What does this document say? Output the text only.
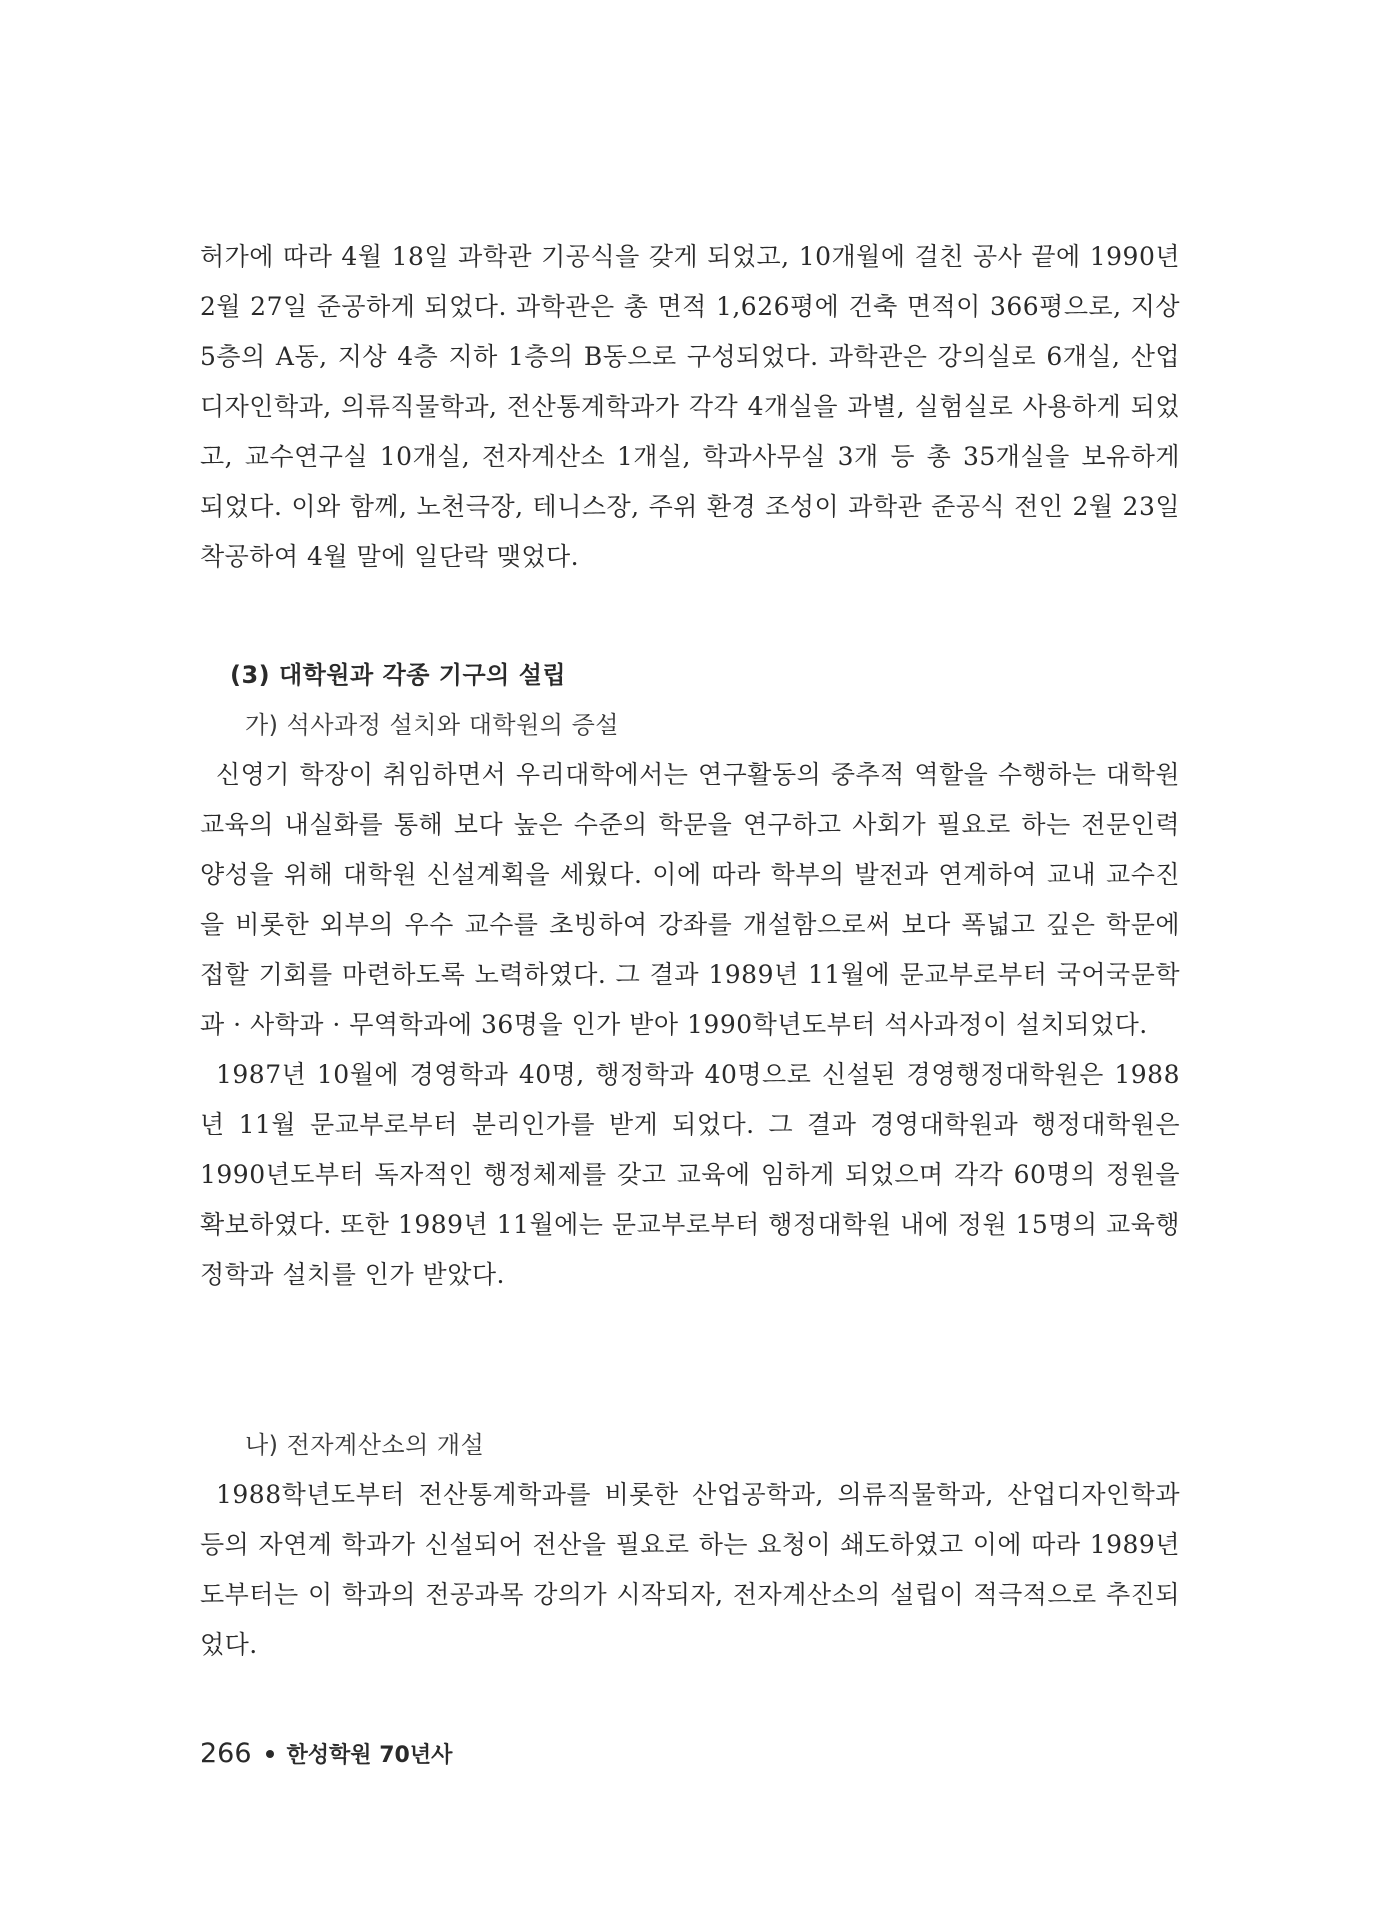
허가에 따라 4월 18일 과학관 기공식을 갖게 되었고, 10개월에 걸친 공사 끝에 1990년 2월 27일 준공하게 되었다. 과학관은 총 면적 1,626평에 건축 면적이 366평으로, 지상 5층의 A동, 지상 4층 지하 1층의 B동으로 구성되었다. 과학관은 강의실로 6개실, 산업디자인학과, 의류직물학과, 전산통계학과가 각각 4개실을 과별, 실험실로 사용하게 되었고, 교수연구실 10개실, 전자계산소 1개실, 학과사무실 3개 등 총 35개실을 보유하게 되었다. 이와 함께, 노천극장, 테니스장, 주위 환경 조성이 과학관 준공식 전인 2월 23일 착공하여 4월 말에 일단락 맺었다.

(3) 대학원과 각종 기구의 설립

가) 석사과정 설치와 대학원의 증설

신영기 학장이 취임하면서 우리대학에서는 연구활동의 중추적 역할을 수행하는 대학원 교육의 내실화를 통해 보다 높은 수준의 학문을 연구하고 사회가 필요로 하는 전문인력양성을 위해 대학원 신설계획을 세웠다. 이에 따라 학부의 발전과 연계하여 교내 교수진을 비롯한 외부의 우수 교수를 초빙하여 강좌를 개설함으로써 보다 폭넓고 깊은 학문에 접할 기회를 마련하도록 노력하였다. 그 결과 1989년 11월에 문교부로부터 국어국문학과 · 사학과 · 무역학과에 36명을 인가 받아 1990학년도부터 석사과정이 설치되었다.

1987년 10월에 경영학과 40명, 행정학과 40명으로 신설된 경영행정대학원은 1988년 11월 문교부로부터 분리인가를 받게 되었다. 그 결과 경영대학원과 행정대학원은 1990년도부터 독자적인 행정체제를 갖고 교육에 임하게 되었으며 각각 60명의 정원을 확보하였다. 또한 1989년 11월에는 문교부로부터 행정대학원 내에 정원 15명의 교육행정학과 설치를 인가 받았다.

나) 전자계산소의 개설

1988학년도부터 전산통계학과를 비롯한 산업공학과, 의류직물학과, 산업디자인학과 등의 자연계 학과가 신설되어 전산을 필요로 하는 요청이 쇄도하였고 이에 따라 1989년도부터는 이 학과의 전공과목 강의가 시작되자, 전자계산소의 설립이 적극적으로 추진되었다.

266 한성학원 70년사
